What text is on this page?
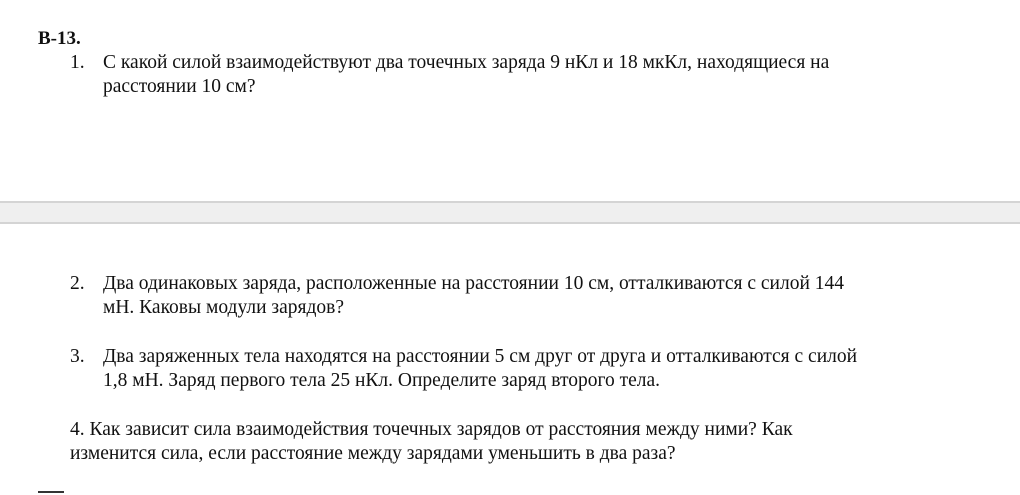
В-13.
1. С какой силой взаимодействуют два точечных заряда 9 нКл и 18 мкКл, находящиеся на
расстоянии 10 см?
2. Два одинаковых заряда, расположенные на расстоянии 10 см, отталкиваются с силой 144
мН. Каковы модули зарядов?
3. Два заряженных тела находятся на расстоянии 5 см друг от друга и отталкиваются с силой
1,8 мН. Заряд первого тела 25 нКл. Определите заряд второго тела.
4. Как зависит сила взаимодействия точечных зарядов от расстояния между ними? Как
изменится сила, если расстояние между зарядами уменьшить в два раза?
